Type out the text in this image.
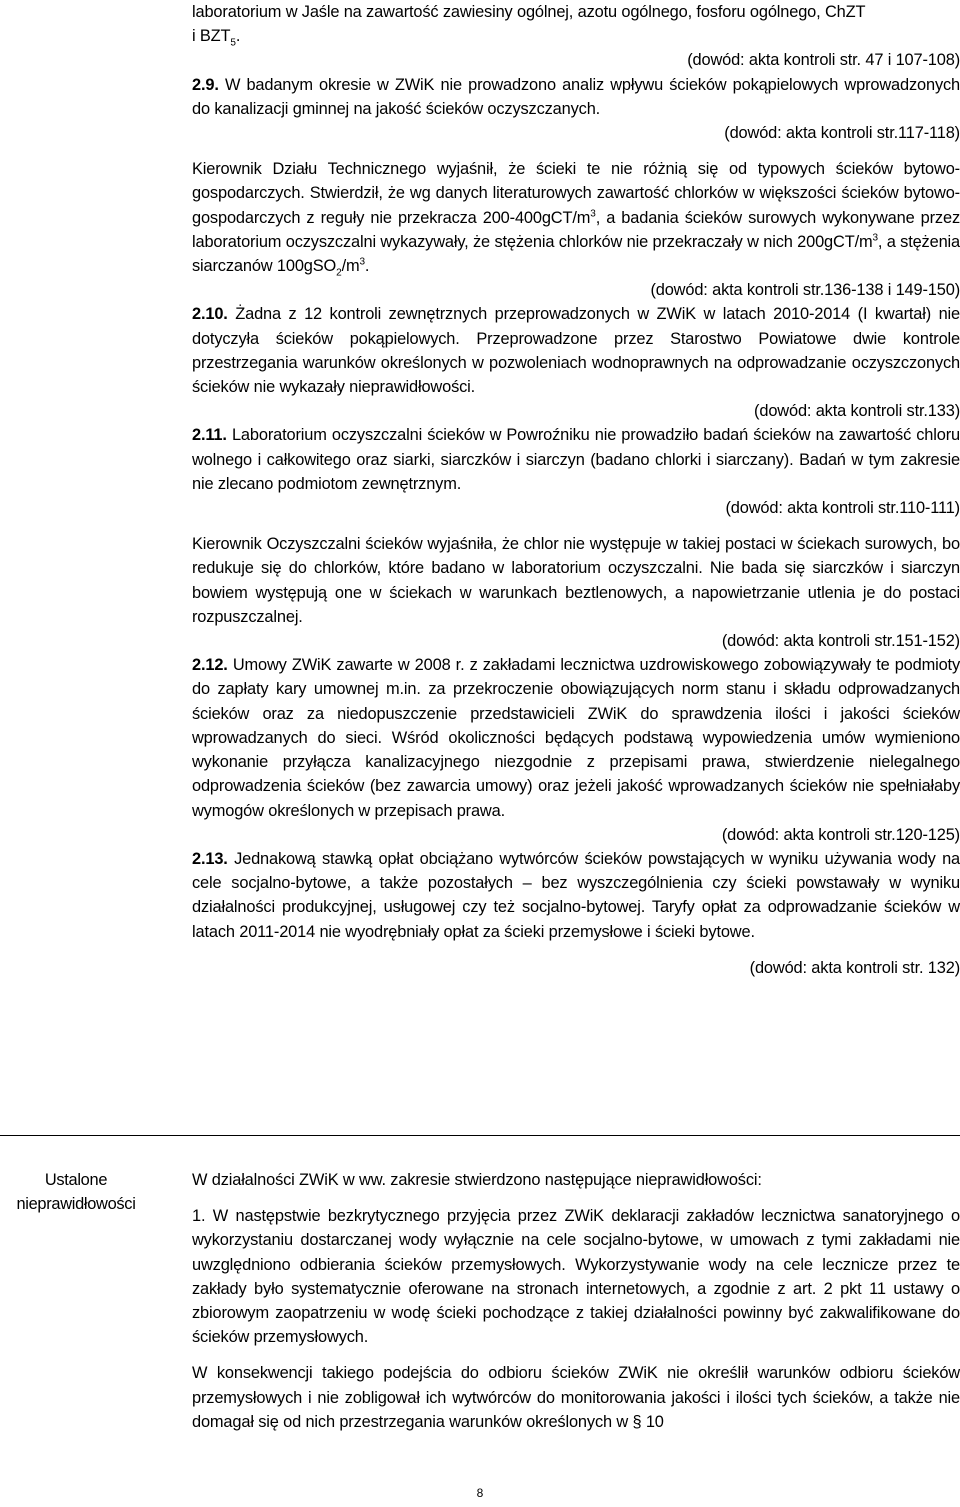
laboratorium w Jaśle na zawartość zawiesiny ogólnej, azotu ogólnego, fosforu ogólnego, ChZT
i $BZT_5$.

(dowód: akta kontroli str. 47 i 107-108)

2.9. W badanym okresie w ZWiK nie prowadzono analiz wpływu ścieków pokąpielowych wprowadzonych do kanalizacji gminnej na jakość ścieków oczyszczanych.

(dowód: akta kontroli str.117-118)

Kierownik Działu Technicznego wyjaśnił, że ścieki te nie różnią się od typowych ścieków bytowo-gospodarczych. Stwierdził, że wg danych literaturowych zawartość chlorków w większości ścieków bytowo-gospodarczych z reguły nie przekracza $200-400gCT/m^3$, a badania ścieków surowych wykonywane przez laboratorium oczyszczalni wykazywały, że stężenia chlorków nie przekraczały w nich $200gCT/m^3$, a stężenia siarczanów $100gSO_2/m^3$.

(dowód: akta kontroli str.136-138 i 149-150)

2.10. Żadna z 12 kontroli zewnętrznych przeprowadzonych w ZWiK w latach 2010-2014 (I kwartał) nie dotyczyła ścieków pokąpielowych. Przeprowadzone przez Starostwo Powiatowe dwie kontrole przestrzegania warunków określonych w pozwoleniach wodnoprawnych na odprowadzanie oczyszczonych ścieków nie wykazały nieprawidłowości.

(dowód: akta kontroli str.133)

2.11. Laboratorium oczyszczalni ścieków w Powroźniku nie prowadziło badań ścieków na zawartość chloru wolnego i całkowitego oraz siarki, siarczków i siarczyn (badano chlorki i siarczany). Badań w tym zakresie nie zlecano podmiotom zewnętrznym.

(dowód: akta kontroli str.110-111)

Kierownik Oczyszczalni ścieków wyjaśniła, że chlor nie występuje w takiej postaci w ściekach surowych, bo redukuje się do chlorków, które badano w laboratorium oczyszczalni. Nie bada się siarczków i siarczyn bowiem występują one w ściekach w warunkach beztlenowych, a napowietrzanie utlenia je do postaci rozpuszczalnej.

(dowód: akta kontroli str.151-152)

2.12. Umowy ZWiK zawarte w 2008 r. z zakładami lecznictwa uzdrowiskowego zobowiązywały te podmioty do zapłaty kary umownej m.in. za przekroczenie obowiązujących norm stanu i składu odprowadzanych ścieków oraz za niedopuszczenie przedstawicieli ZWiK do sprawdzenia ilości i jakości ścieków wprowadzanych do sieci. Wśród okoliczności będących podstawą wypowiedzenia umów wymieniono wykonanie przyłącza kanalizacyjnego niezgodnie z przepisami prawa, stwierdzenie nielegalnego odprowadzenia ścieków (bez zawarcia umowy) oraz jeżeli jakość wprowadzanych ścieków nie spełniałaby wymogów określonych w przepisach prawa.

(dowód: akta kontroli str.120-125)

2.13. Jednakową stawką opłat obciążano wytwórców ścieków powstających w wyniku używania wody na cele socjalno-bytowe, a także pozostałych – bez wyszczególnienia czy ścieki powstawały w wyniku działalności produkcyjnej, usługowej czy też socjalno-bytowej. Taryfy opłat za odprowadzanie ścieków w latach 2011-2014 nie wyodrębniały opłat za ścieki przemysłowe i ścieki bytowe.

(dowód: akta kontroli str. 132)

Ustalone
nieprawidłowości

W działalności ZWiK w ww. zakresie stwierdzono następujące nieprawidłowości:

1. W następstwie bezkrytycznego przyjęcia przez ZWiK deklaracji zakładów lecznictwa sanatoryjnego o wykorzystaniu dostarczanej wody wyłącznie na cele socjalno-bytowe, w umowach z tymi zakładami nie uwzględniono odbierania ścieków przemysłowych. Wykorzystywanie wody na cele lecznicze przez te zakłady było systematycznie oferowane na stronach internetowych, a zgodnie z art. 2 pkt 11 ustawy o zbiorowym zaopatrzeniu w wodę ścieki pochodzące z takiej działalności powinny być zakwalifikowane do ścieków przemysłowych.

W konsekwencji takiego podejścia do odbioru ścieków ZWiK nie określił warunków odbioru ścieków przemysłowych i nie zobligował ich wytwórców do monitorowania jakości i ilości tych ścieków, a także nie domagał się od nich przestrzegania warunków określonych w § 10

8
